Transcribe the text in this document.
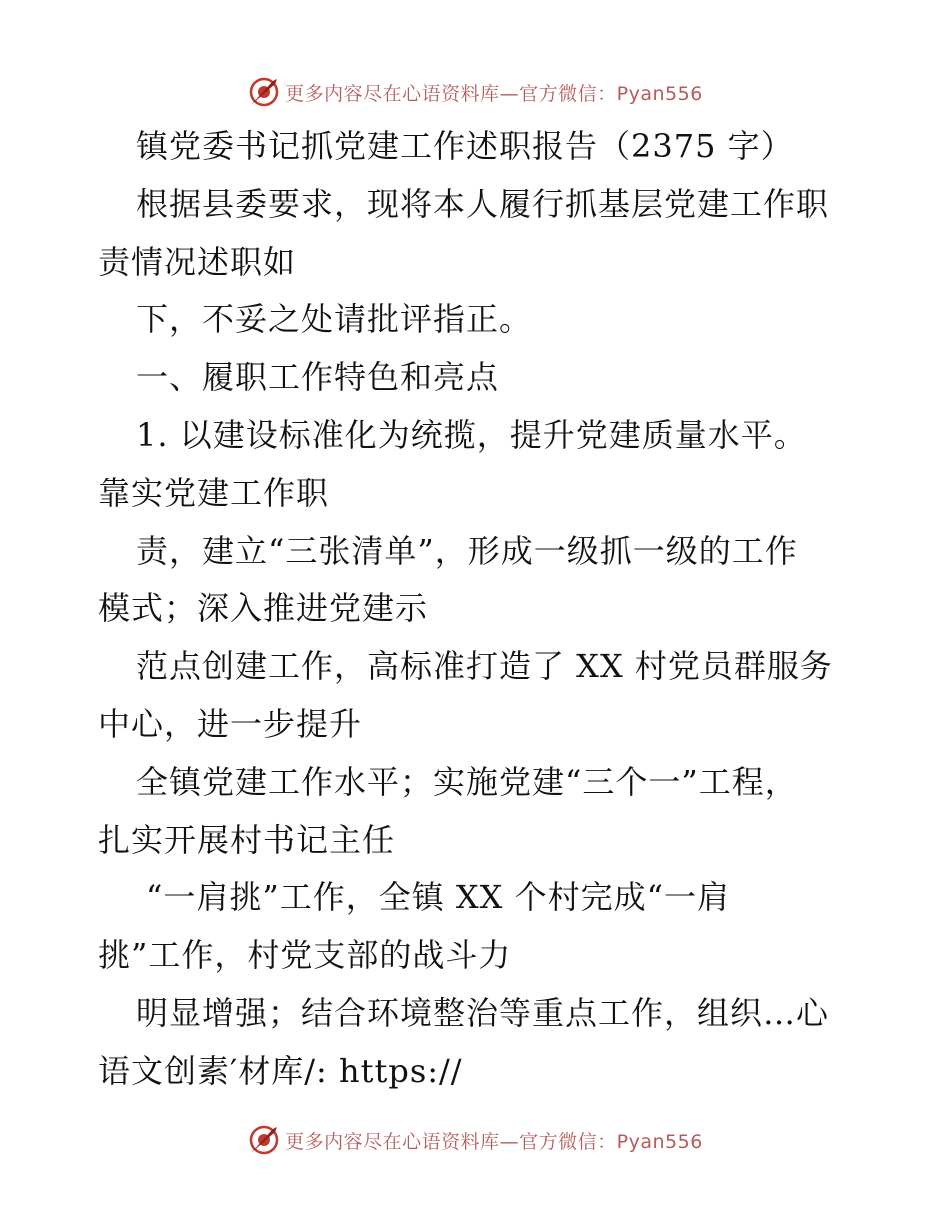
更多内容尽在心语资料库—官方微信：Pyan556
镇党委书记抓党建工作述职报告（2375 字）
根据县委要求，现将本人履行抓基层党建工作职
责情况述职如
下，不妥之处请批评指正。
一、履职工作特色和亮点
1. 以建设标准化为统揽，提升党建质量水平。
靠实党建工作职
责，建立“三张清单”，形成一级抓一级的工作
模式；深入推进党建示
范点创建工作，高标准打造了 XX 村党员群服务
中心，进一步提升
全镇党建工作水平；实施党建“三个一”工程，
扎实开展村书记主任
“一肩挑”工作，全镇 XX 个村完成“一肩
挑”工作，村党支部的战斗力
明显增强；结合环境整治等重点工作，组织…心
语文创素′材库/: https://
更多内容尽在心语资料库—官方微信：Pyan556
